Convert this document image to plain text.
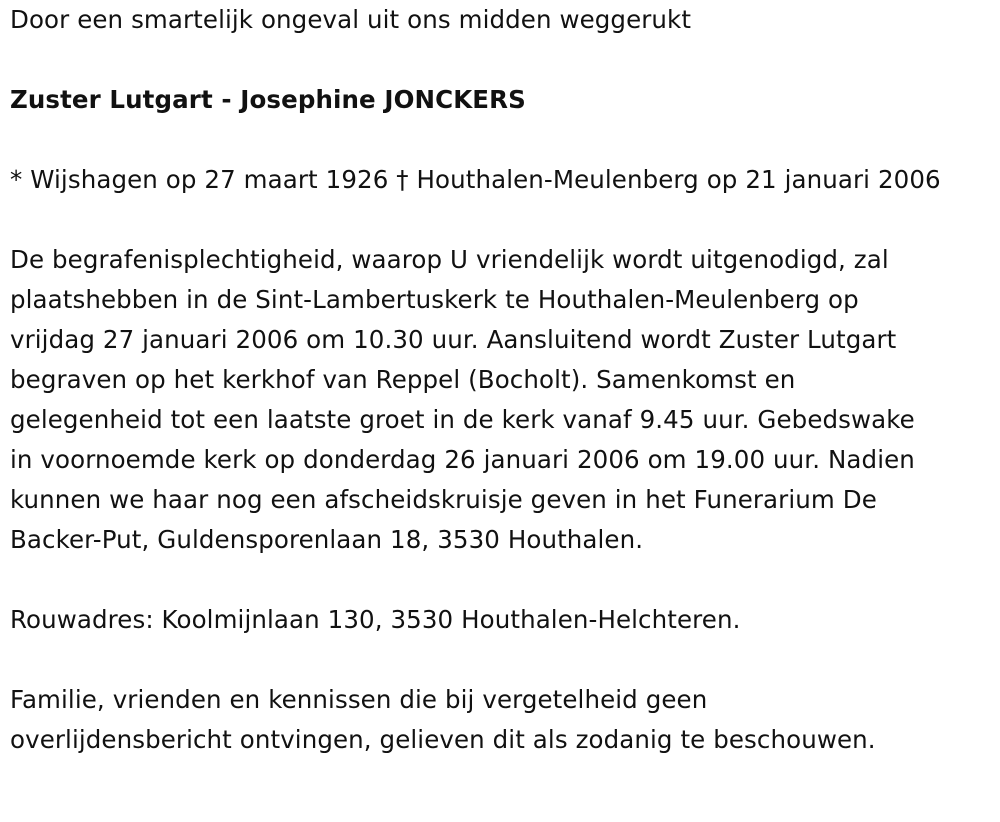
Door een smartelijk ongeval uit ons midden weggerukt
Zuster Lutgart - Josephine JONCKERS
* Wijshagen op 27 maart 1926 † Houthalen-Meulenberg op 21 januari 2006
De begrafenisplechtigheid, waarop U vriendelijk wordt uitgenodigd, zal
plaatshebben in de Sint-Lambertuskerk te Houthalen-Meulenberg op
vrijdag 27 januari 2006 om 10.30 uur. Aansluitend wordt Zuster Lutgart
begraven op het kerkhof van Reppel (Bocholt). Samenkomst en
gelegenheid tot een laatste groet in de kerk vanaf 9.45 uur. Gebedswake
in voornoemde kerk op donderdag 26 januari 2006 om 19.00 uur. Nadien
kunnen we haar nog een afscheidskruisje geven in het Funerarium De
Backer-Put, Guldensporenlaan 18, 3530 Houthalen.
Rouwadres: Koolmijnlaan 130, 3530 Houthalen-Helchteren.
Familie, vrienden en kennissen die bij vergetelheid geen
overlijdensbericht ontvingen, gelieven dit als zodanig te beschouwen.
